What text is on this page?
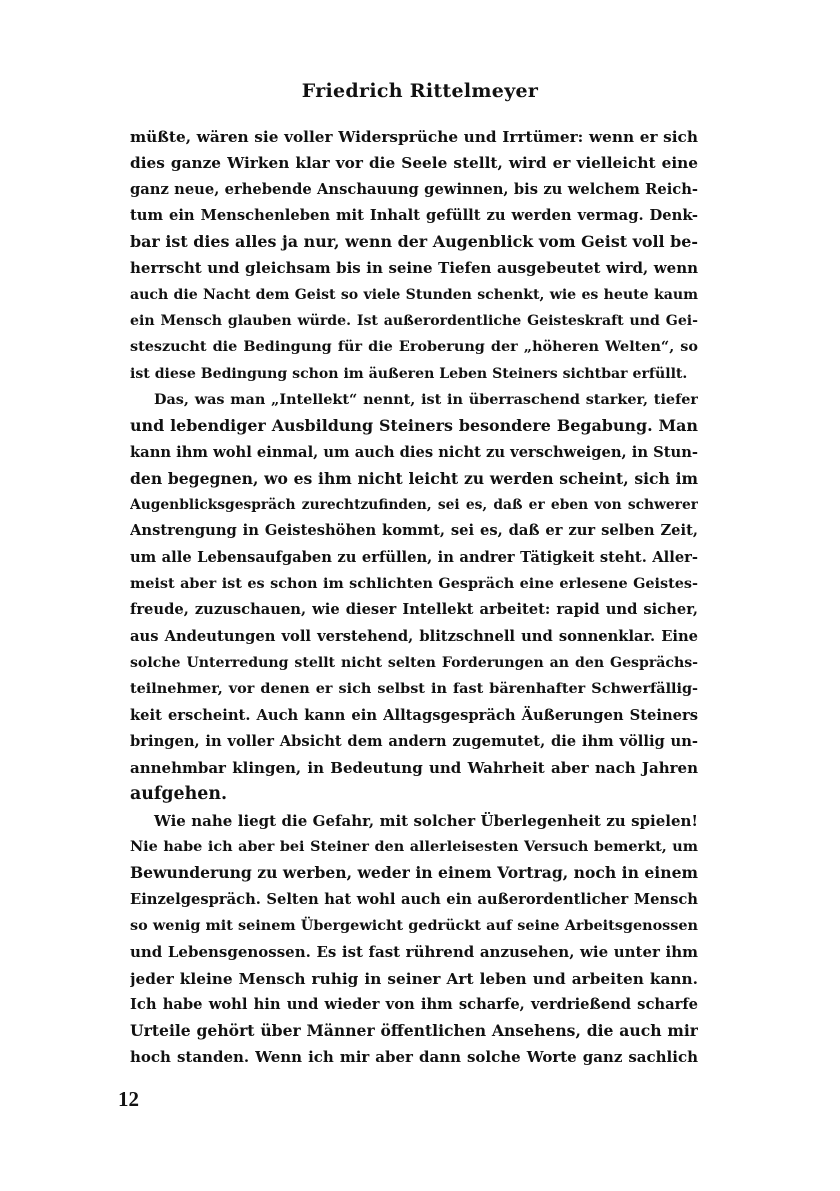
Friedrich Rittelmeyer
müßte, wären sie voller Widersprüche und Irrtümer: wenn er sich
dies ganze Wirken klar vor die Seele stellt, wird er vielleicht eine
ganz neue, erhebende Anschauung gewinnen, bis zu welchem Reich-
tum ein Menschenleben mit Inhalt gefüllt zu werden vermag. Denk-
bar ist dies alles ja nur, wenn der Augenblick vom Geist voll be-
herrscht und gleichsam bis in seine Tiefen ausgebeutet wird, wenn
auch die Nacht dem Geist so viele Stunden schenkt, wie es heute kaum
ein Mensch glauben würde. Ist außerordentliche Geisteskraft und Gei-
steszucht die Bedingung für die Eroberung der „höheren Welten“, so
ist diese Bedingung schon im äußeren Leben Steiners sichtbar erfüllt.
Das, was man „Intellekt“ nennt, ist in überraschend starker, tiefer
und lebendiger Ausbildung Steiners besondere Begabung. Man
kann ihm wohl einmal, um auch dies nicht zu verschweigen, in Stun-
den begegnen, wo es ihm nicht leicht zu werden scheint, sich im
Augenblicksgespräch zurechtzufinden, sei es, daß er eben von schwerer
Anstrengung in Geisteshöhen kommt, sei es, daß er zur selben Zeit,
um alle Lebensaufgaben zu erfüllen, in andrer Tätigkeit steht. Aller-
meist aber ist es schon im schlichten Gespräch eine erlesene Geistes-
freude, zuzuschauen, wie dieser Intellekt arbeitet: rapid und sicher,
aus Andeutungen voll verstehend, blitzschnell und sonnenklar. Eine
solche Unterredung stellt nicht selten Forderungen an den Gesprächs-
teilnehmer, vor denen er sich selbst in fast bärenhafter Schwerfällig-
keit erscheint. Auch kann ein Alltagsgespräch Äußerungen Steiners
bringen, in voller Absicht dem andern zugemutet, die ihm völlig un-
annehmbar klingen, in Bedeutung und Wahrheit aber nach Jahren
aufgehen.
Wie nahe liegt die Gefahr, mit solcher Überlegenheit zu spielen!
Nie habe ich aber bei Steiner den allerleisesten Versuch bemerkt, um
Bewunderung zu werben, weder in einem Vortrag, noch in einem
Einzelgespräch. Selten hat wohl auch ein außerordentlicher Mensch
so wenig mit seinem Übergewicht gedrückt auf seine Arbeitsgenossen
und Lebensgenossen. Es ist fast rührend anzusehen, wie unter ihm
jeder kleine Mensch ruhig in seiner Art leben und arbeiten kann.
Ich habe wohl hin und wieder von ihm scharfe, verdrießend scharfe
Urteile gehört über Männer öffentlichen Ansehens, die auch mir
hoch standen. Wenn ich mir aber dann solche Worte ganz sachlich
12
